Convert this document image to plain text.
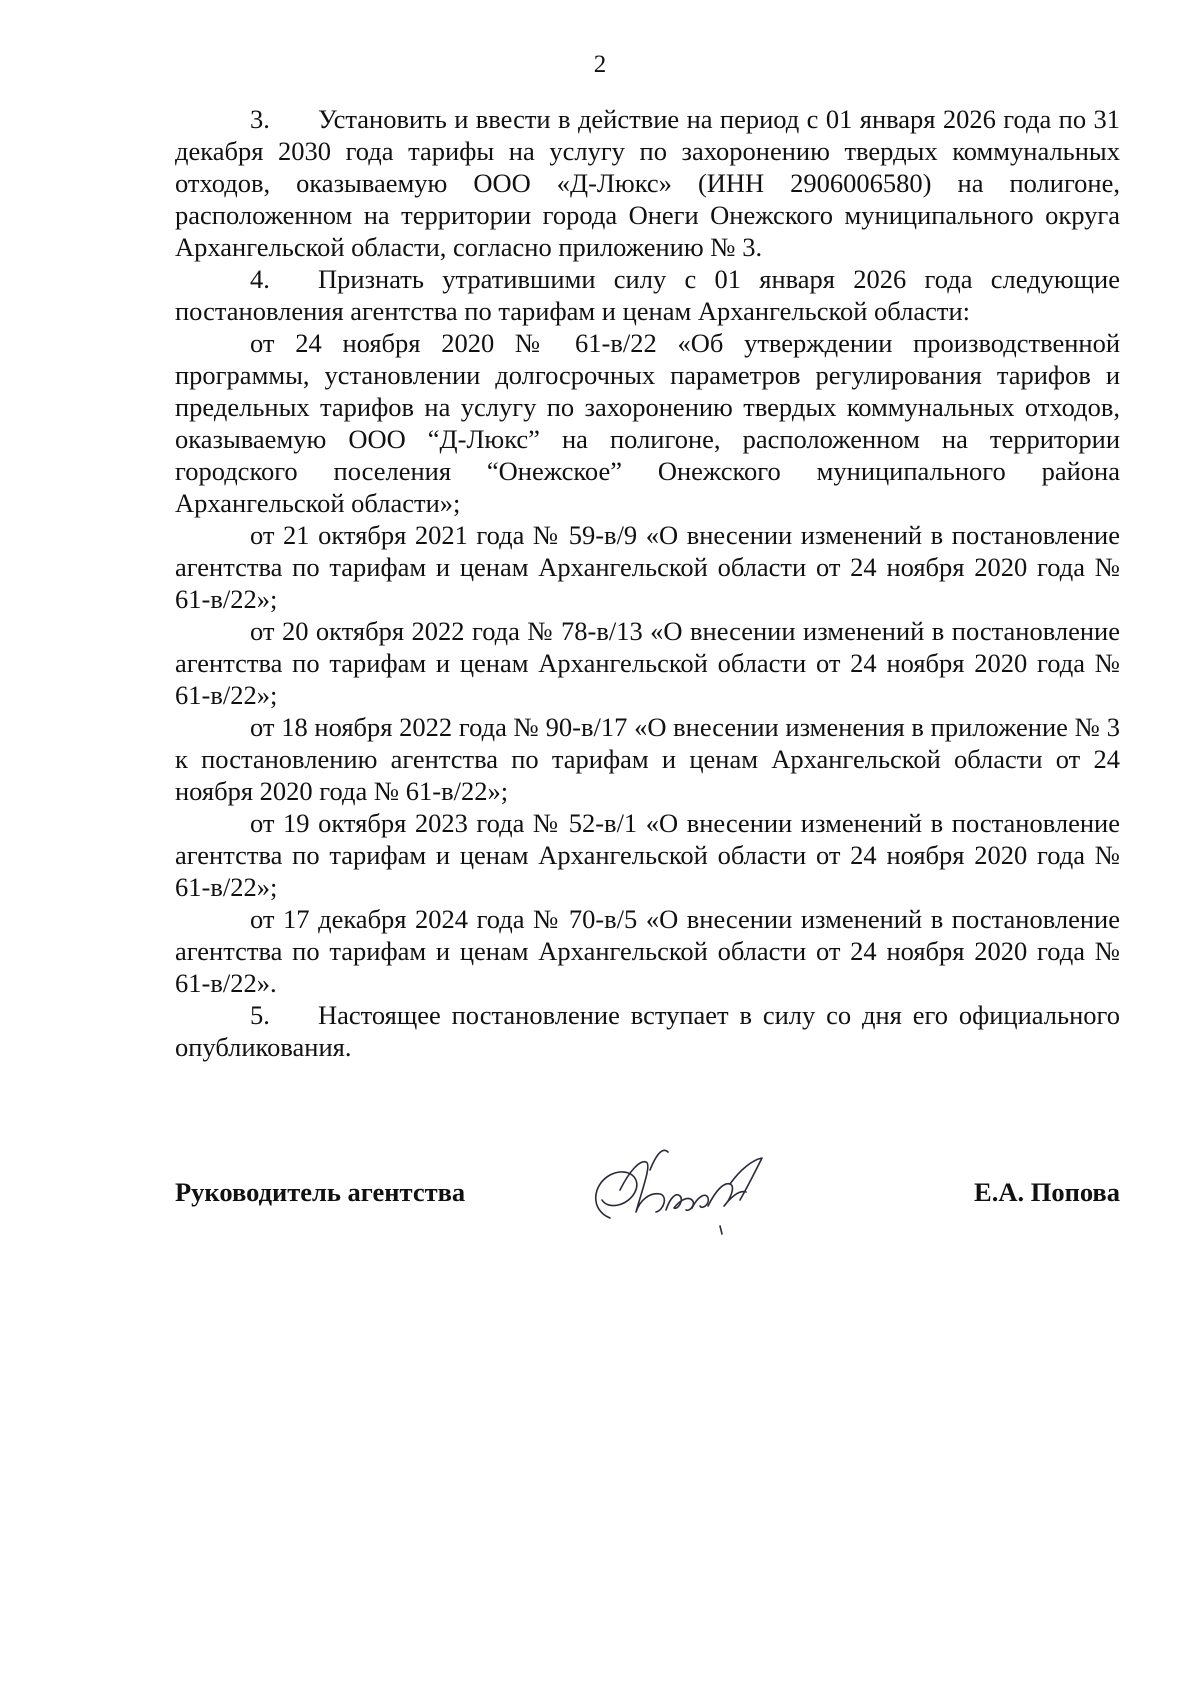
2

3. Установить и ввести в действие на период с 01 января 2026 года по 31 декабря 2030 года тарифы на услугу по захоронению твердых коммунальных отходов, оказываемую ООО «Д-Люкс» (ИНН 2906006580) на полигоне, расположенном на территории города Онеги Онежского муниципального округа Архангельской области, согласно приложению № 3.

4. Признать утратившими силу с 01 января 2026 года следующие постановления агентства по тарифам и ценам Архангельской области:

от 24 ноября 2020 № 61-в/22 «Об утверждении производственной программы, установлении долгосрочных параметров регулирования тарифов и предельных тарифов на услугу по захоронению твердых коммунальных отходов, оказываемую ООО “Д-Люкс” на полигоне, расположенном на территории городского поселения “Онежское” Онежского муниципального района Архангельской области»;

от 21 октября 2021 года № 59-в/9 «О внесении изменений в постановление агентства по тарифам и ценам Архангельской области от 24 ноября 2020 года № 61-в/22»;

от 20 октября 2022 года № 78-в/13 «О внесении изменений в постановление агентства по тарифам и ценам Архангельской области от 24 ноября 2020 года № 61-в/22»;

от 18 ноября 2022 года № 90-в/17 «О внесении изменения в приложение № 3 к постановлению агентства по тарифам и ценам Архангельской области от 24 ноября 2020 года № 61-в/22»;

от 19 октября 2023 года № 52-в/1 «О внесении изменений в постановление агентства по тарифам и ценам Архангельской области от 24 ноября 2020 года № 61-в/22»;

от 17 декабря 2024 года № 70-в/5 «О внесении изменений в постановление агентства по тарифам и ценам Архангельской области от 24 ноября 2020 года № 61-в/22».

5. Настоящее постановление вступает в силу со дня его официального опубликования.

Руководитель агентства	Е.А. Попова
